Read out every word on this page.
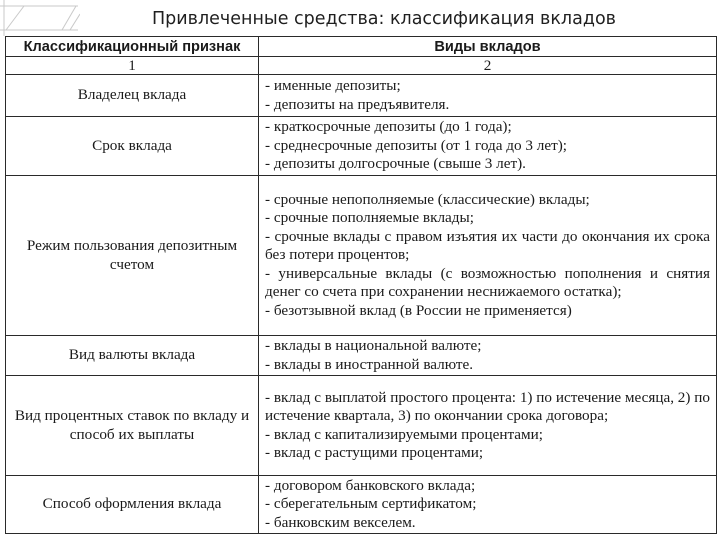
Привлеченные средства: классификация вкладов
Классификационный признак	Виды вкладов
1	2
Владелец вклада	- именные депозиты;
- депозиты на предъявителя.

Срок вклада	- краткосрочные депозиты (до 1 года);
- среднесрочные депозиты (от 1 года до 3 лет);
- депозиты долгосрочные (свыше 3 лет).

Режим пользования депозитным счетом	- срочные непополняемые (классические) вклады;
- срочные пополняемые вклады;
- срочные вклады с правом изъятия их части до окончания их срока без потери процентов;
- универсальные вклады (с возможностью пополнения и снятия денег со счета при сохранении неснижаемого остатка);
- безотзывной вклад (в России не применяется)

Вид валюты вклада	- вклады в национальной валюте;
- вклады в иностранной валюте.

Вид процентных ставок по вкладу и способ их выплаты	- вклад с выплатой простого процента: 1) по истечение месяца, 2) по истечение квартала, 3) по окончании срока договора;
- вклад с капитализируемыми процентами;
- вклад с растущими процентами;

Способ оформления вклада	- договором банковского вклада;
- сберегательным сертификатом;
- банковским векселем.
